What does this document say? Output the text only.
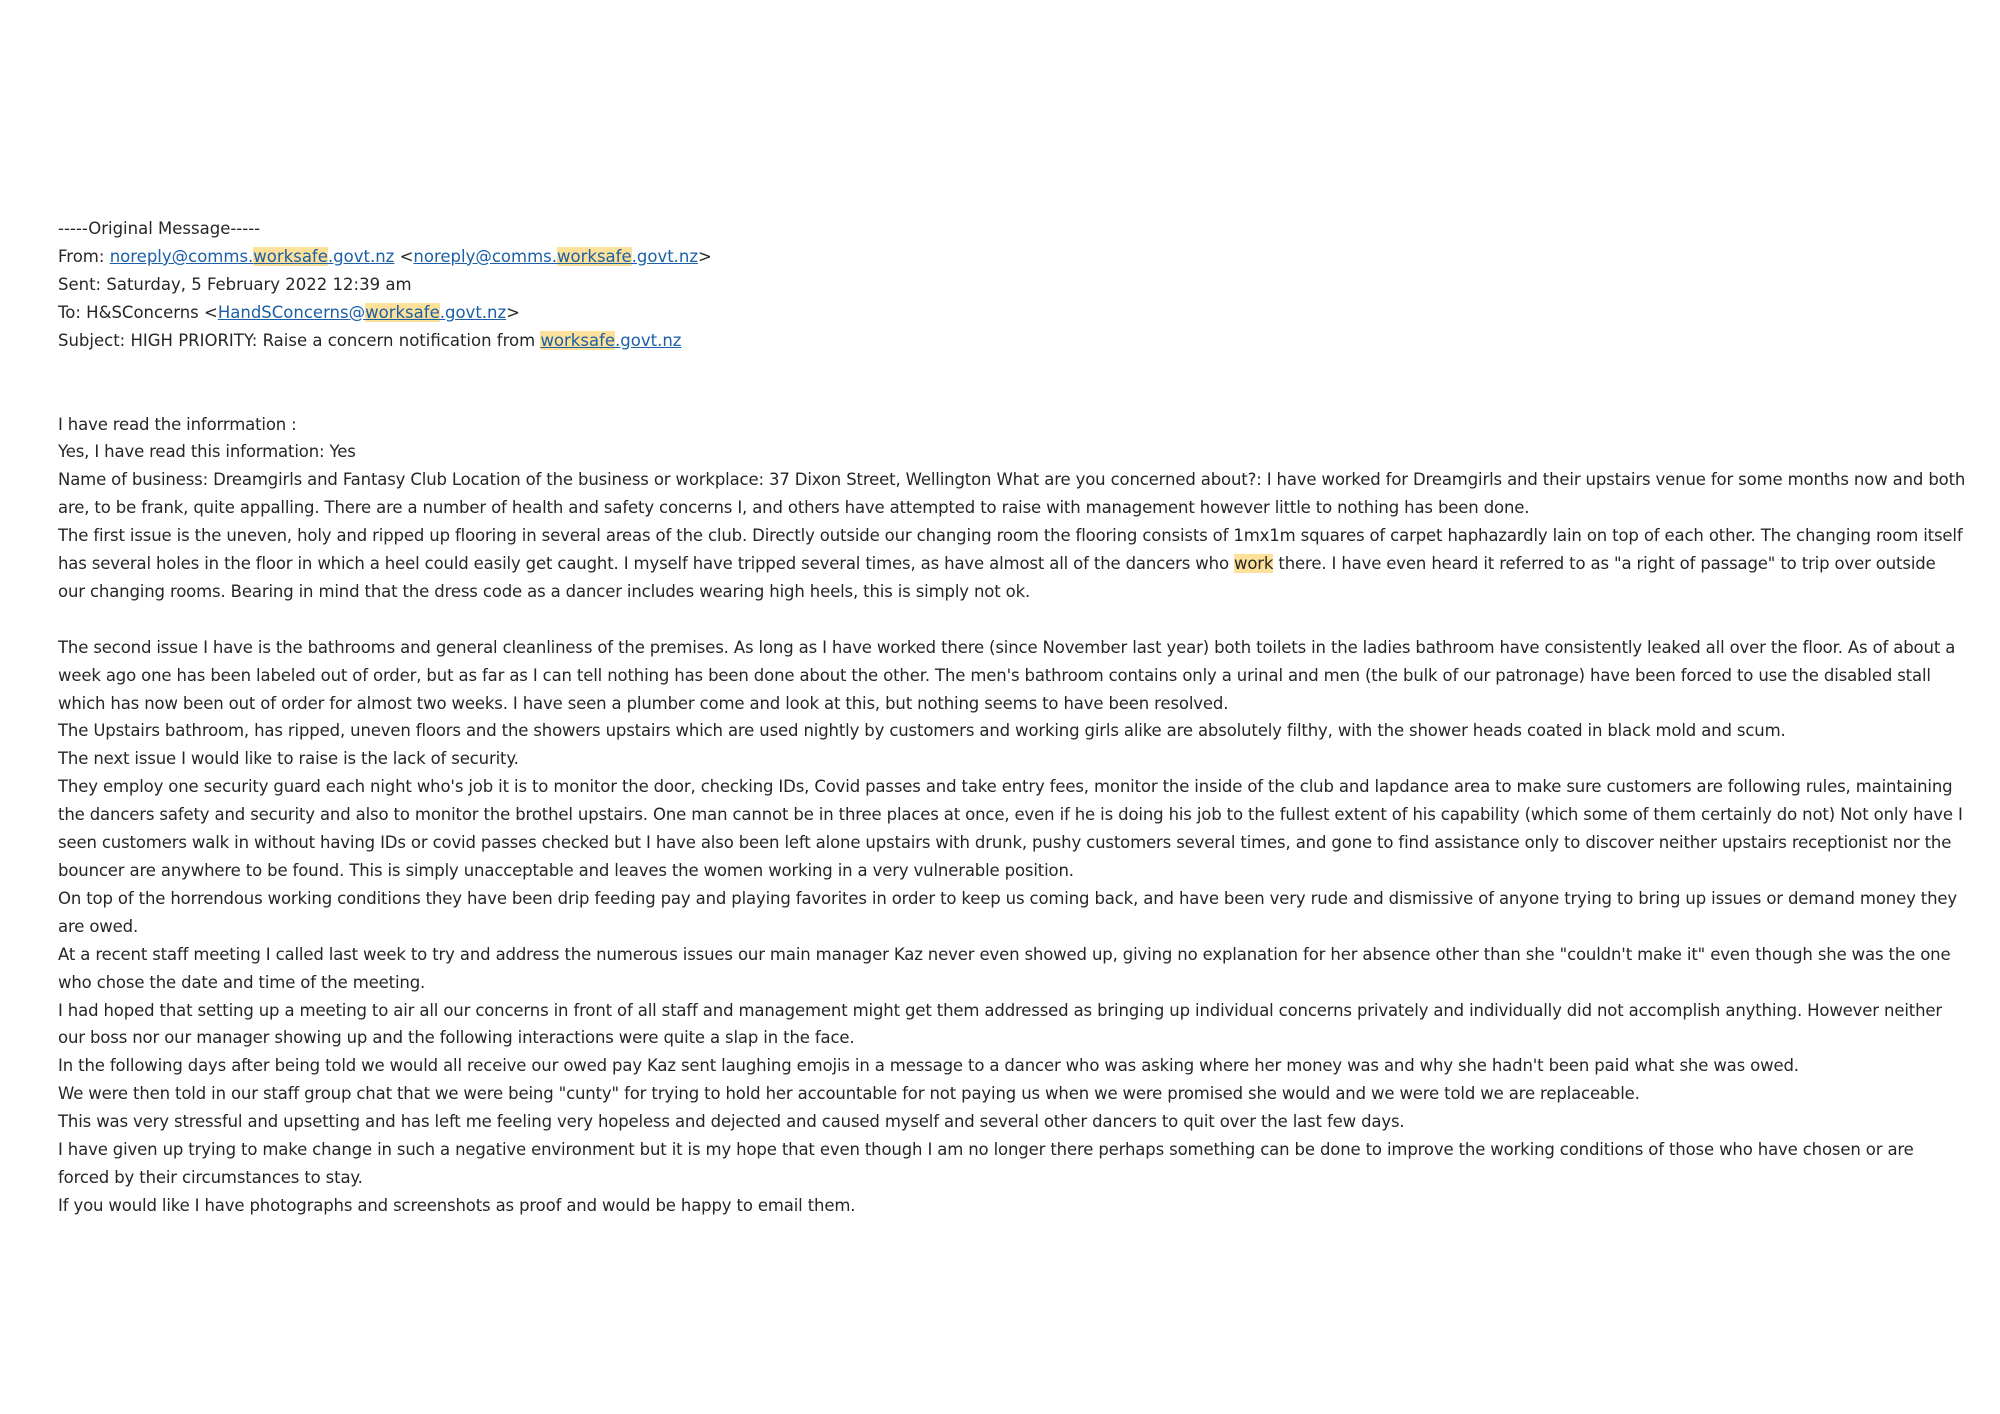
-----Original Message-----

From: noreply@comms.worksafe.govt.nz <noreply@comms.worksafe.govt.nz>

Sent: Saturday, 5 February 2022 12:39 am

To: H&SConcerns <HandSConcerns@worksafe.govt.nz>

Subject: HIGH PRIORITY: Raise a concern notification from worksafe.govt.nz

I have read the inforrmation :

Yes, I have read this information: Yes

Name of business: Dreamgirls and Fantasy Club Location of the business or workplace: 37 Dixon Street, Wellington What are you concerned about?: I have worked for Dreamgirls and their upstairs venue for some months now and both are, to be frank, quite appalling. There are a number of health and safety concerns I, and others have attempted to raise with management however little to nothing has been done.

The first issue is the uneven, holy and ripped up flooring in several areas of the club. Directly outside our changing room the flooring consists of 1mx1m squares of carpet haphazardly lain on top of each other. The changing room itself has several holes in the floor in which a heel could easily get caught. I myself have tripped several times, as have almost all of the dancers who work there. I have even heard it referred to as "a right of passage" to trip over outside our changing rooms. Bearing in mind that the dress code as a dancer includes wearing high heels, this is simply not ok.

The second issue I have is the bathrooms and general cleanliness of the premises. As long as I have worked there (since November last year) both toilets in the ladies bathroom have consistently leaked all over the floor. As of about a week ago one has been labeled out of order, but as far as I can tell nothing has been done about the other. The men's bathroom contains only a urinal and men (the bulk of our patronage) have been forced to use the disabled stall which has now been out of order for almost two weeks. I have seen a plumber come and look at this, but nothing seems to have been resolved.

The Upstairs bathroom, has ripped, uneven floors and the showers upstairs which are used nightly by customers and working girls alike are absolutely filthy, with the shower heads coated in black mold and scum.

The next issue I would like to raise is the lack of security.

They employ one security guard each night who's job it is to monitor the door, checking IDs, Covid passes and take entry fees, monitor the inside of the club and lapdance area to make sure customers are following rules, maintaining the dancers safety and security and also to monitor the brothel upstairs. One man cannot be in three places at once, even if he is doing his job to the fullest extent of his capability (which some of them certainly do not) Not only have I seen customers walk in without having IDs or covid passes checked but I have also been left alone upstairs with drunk, pushy customers several times, and gone to find assistance only to discover neither upstairs receptionist nor the bouncer are anywhere to be found. This is simply unacceptable and leaves the women working in a very vulnerable position.

On top of the horrendous working conditions they have been drip feeding pay and playing favorites in order to keep us coming back, and have been very rude and dismissive of anyone trying to bring up issues or demand money they are owed.

At a recent staff meeting I called last week to try and address the numerous issues our main manager Kaz never even showed up, giving no explanation for her absence other than she "couldn't make it" even though she was the one who chose the date and time of the meeting.

I had hoped that setting up a meeting to air all our concerns in front of all staff and management might get them addressed as bringing up individual concerns privately and individually did not accomplish anything. However neither our boss nor our manager showing up and the following interactions were quite a slap in the face.

In the following days after being told we would all receive our owed pay Kaz sent laughing emojis in a message to a dancer who was asking where her money was and why she hadn't been paid what she was owed.

We were then told in our staff group chat that we were being "cunty" for trying to hold her accountable for not paying us when we were promised she would and we were told we are replaceable.

This was very stressful and upsetting and has left me feeling very hopeless and dejected and caused myself and several other dancers to quit over the last few days.

I have given up trying to make change in such a negative environment but it is my hope that even though I am no longer there perhaps something can be done to improve the working conditions of those who have chosen or are forced by their circumstances to stay.

If you would like I have photographs and screenshots as proof and would be happy to email them.
